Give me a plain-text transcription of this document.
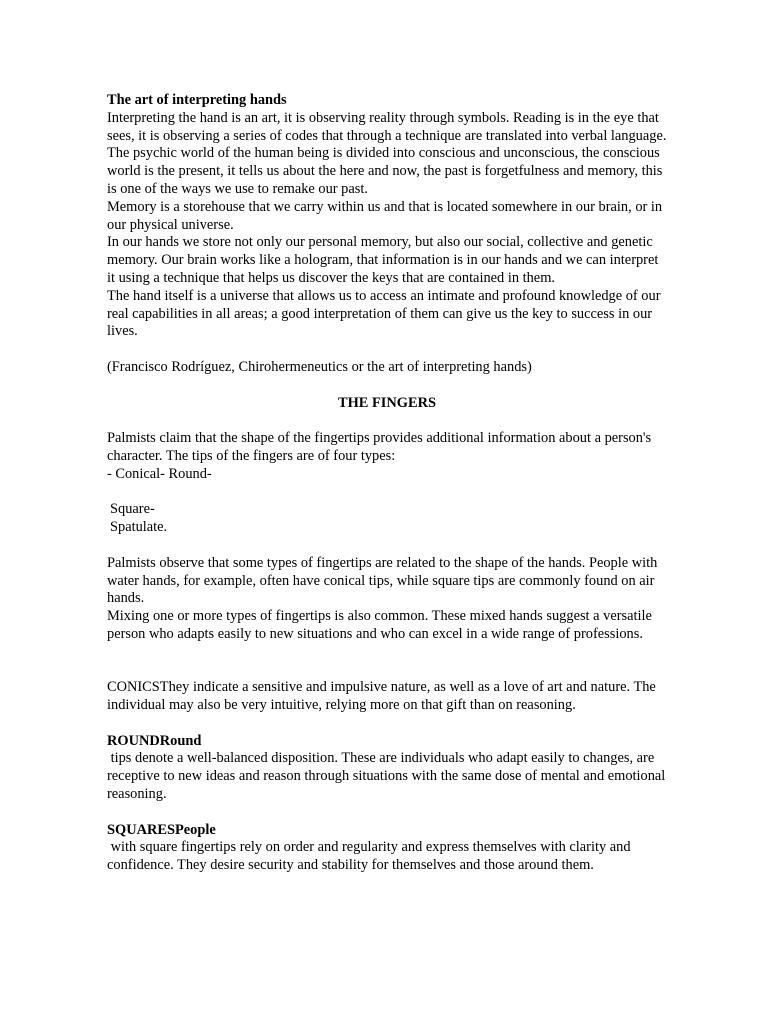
The art of interpreting hands

Interpreting the hand is an art, it is observing reality through symbols. Reading is in the eye that sees, it is observing a series of codes that through a technique are translated into verbal language.

The psychic world of the human being is divided into conscious and unconscious, the conscious world is the present, it tells us about the here and now, the past is forgetfulness and memory, this is one of the ways we use to remake our past.

Memory is a storehouse that we carry within us and that is located somewhere in our brain, or in our physical universe.

In our hands we store not only our personal memory, but also our social, collective and genetic memory. Our brain works like a hologram, that information is in our hands and we can interpret it using a technique that helps us discover the keys that are contained in them.

The hand itself is a universe that allows us to access an intimate and profound knowledge of our real capabilities in all areas; a good interpretation of them can give us the key to success in our lives.

(Francisco Rodríguez, Chirohermeneutics or the art of interpreting hands)

THE FINGERS

Palmists claim that the shape of the fingertips provides additional information about a person's character. The tips of the fingers are of four types:

- Conical- Round-

Square-

Spatulate.

Palmists observe that some types of fingertips are related to the shape of the hands. People with water hands, for example, often have conical tips, while square tips are commonly found on air hands.

Mixing one or more types of fingertips is also common. These mixed hands suggest a versatile person who adapts easily to new situations and who can excel in a wide range of professions.

CONICSThey indicate a sensitive and impulsive nature, as well as a love of art and nature. The individual may also be very intuitive, relying more on that gift than on reasoning.

ROUNDRound

tips denote a well-balanced disposition. These are individuals who adapt easily to changes, are receptive to new ideas and reason through situations with the same dose of mental and emotional reasoning.

SQUARESPeople

with square fingertips rely on order and regularity and express themselves with clarity and confidence. They desire security and stability for themselves and those around them.
